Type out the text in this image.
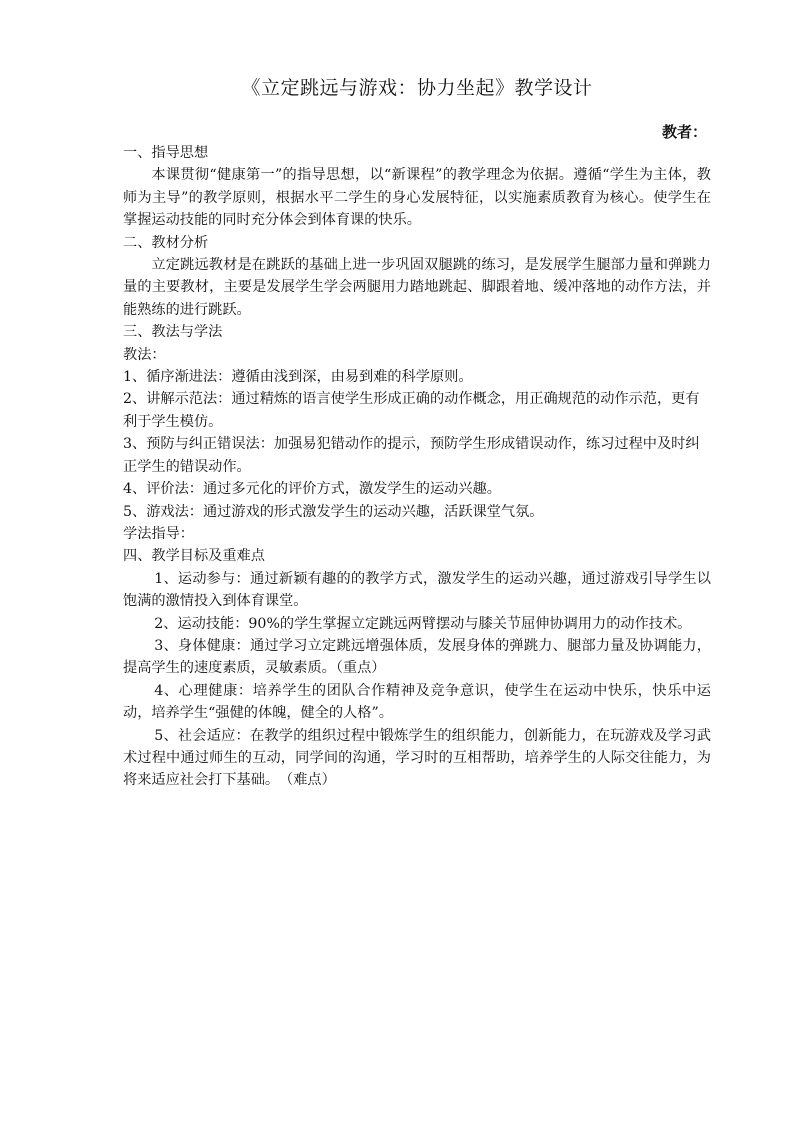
《立定跳远与游戏：协力坐起》教学设计
教者：

一、指导思想

本课贯彻“健康第一”的指导思想，以“新课程”的教学理念为依据。遵循“学生为主体，教师为主导”的教学原则，根据水平二学生的身心发展特征，以实施素质教育为核心。使学生在掌握运动技能的同时充分体会到体育课的快乐。

二、教材分析

立定跳远教材是在跳跃的基础上进一步巩固双腿跳的练习，是发展学生腿部力量和弹跳力量的主要教材，主要是发展学生学会两腿用力踏地跳起、脚跟着地、缓冲落地的动作方法，并能熟练的进行跳跃。

三、教法与学法

教法：

1、循序渐进法：遵循由浅到深，由易到难的科学原则。

2、讲解示范法：通过精炼的语言使学生形成正确的动作概念，用正确规范的动作示范，更有利于学生模仿。

3、预防与纠正错误法：加强易犯错动作的提示，预防学生形成错误动作，练习过程中及时纠正学生的错误动作。

4、评价法：通过多元化的评价方式，激发学生的运动兴趣。

5、游戏法：通过游戏的形式激发学生的运动兴趣，活跃课堂气氛。

学法指导：

四、教学目标及重难点

1、运动参与：通过新颖有趣的的教学方式，激发学生的运动兴趣，通过游戏引导学生以饱满的激情投入到体育课堂。

2、运动技能：90%的学生掌握立定跳远两臂摆动与膝关节屈伸协调用力的动作技术。

3、身体健康：通过学习立定跳远增强体质，发展身体的弹跳力、腿部力量及协调能力，提高学生的速度素质，灵敏素质。（重点）

4、心理健康：培养学生的团队合作精神及竞争意识，使学生在运动中快乐，快乐中运动，培养学生“强健的体魄，健全的人格”。

5、社会适应：在教学的组织过程中锻炼学生的组织能力，创新能力，在玩游戏及学习武术过程中通过师生的互动，同学间的沟通，学习时的互相帮助，培养学生的人际交往能力，为将来适应社会打下基础。　（难点）
